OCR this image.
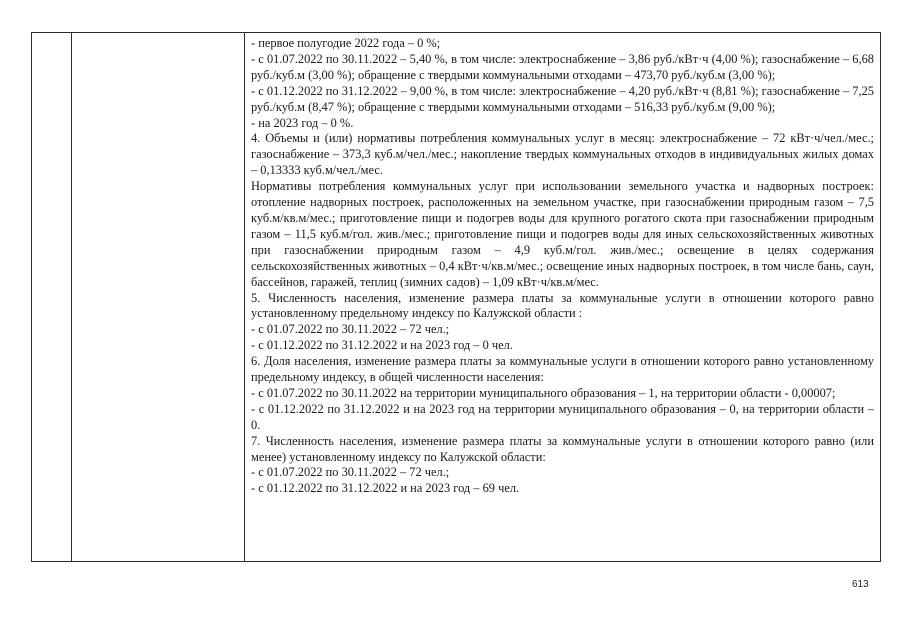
- первое полугодие 2022 года – 0 %;

- с 01.07.2022 по 30.11.2022 – 5,40 %, в том числе: электроснабжение – 3,86 руб./кВт·ч (4,00 %); газоснабжение – 6,68 руб./куб.м (3,00 %); обращение с твердыми коммунальными отходами – 473,70 руб./куб.м (3,00 %);

- с 01.12.2022 по 31.12.2022 – 9,00 %, в том числе: электроснабжение – 4,20 руб./кВт·ч (8,81 %); газоснабжение – 7,25 руб./куб.м (8,47 %); обращение с твердыми коммунальными отходами – 516,33 руб./куб.м (9,00 %);

- на 2023 год – 0 %.

4. Объемы и (или) нормативы потребления коммунальных услуг в месяц: электроснабжение – 72 кВт·ч/чел./мес.; газоснабжение – 373,3 куб.м/чел./мес.; накопление твердых коммунальных отходов в индивидуальных жилых домах – 0,13333 куб.м/чел./мес.

Нормативы потребления коммунальных услуг при использовании земельного участка и надворных построек: отопление надворных построек, расположенных на земельном участке, при газоснабжении природным газом – 7,5 куб.м/кв.м/мес.; приготовление пищи и подогрев воды для крупного рогатого скота при газоснабжении природным газом – 11,5 куб.м/гол. жив./мес.; приготовление пищи и подогрев воды для иных сельскохозяйственных животных при газоснабжении природным газом – 4,9 куб.м/гол. жив./мес.; освещение в целях содержания сельскохозяйственных животных – 0,4 кВт·ч/кв.м/мес.; освещение иных надворных построек, в том числе бань, саун, бассейнов, гаражей, теплиц (зимних садов) – 1,09 кВт·ч/кв.м/мес.

5. Численность населения, изменение размера платы за коммунальные услуги в отношении которого равно установленному предельному индексу по Калужской области :

- с 01.07.2022 по 30.11.2022 – 72 чел.;

- с 01.12.2022 по 31.12.2022 и на 2023 год – 0 чел.

6. Доля населения, изменение размера платы за коммунальные услуги в отношении которого равно установленному предельному индексу, в общей численности населения:

- с 01.07.2022 по 30.11.2022 на территории муниципального образования – 1, на территории области - 0,00007;

- с 01.12.2022 по 31.12.2022 и на 2023 год на территории муниципального образования – 0, на территории области – 0.

7. Численность населения, изменение размера платы за коммунальные услуги в отношении которого равно (или менее) установленному индексу по Калужской области:

- с 01.07.2022 по 30.11.2022 – 72 чел.;

- с 01.12.2022 по 31.12.2022 и на 2023 год – 69 чел.

613
